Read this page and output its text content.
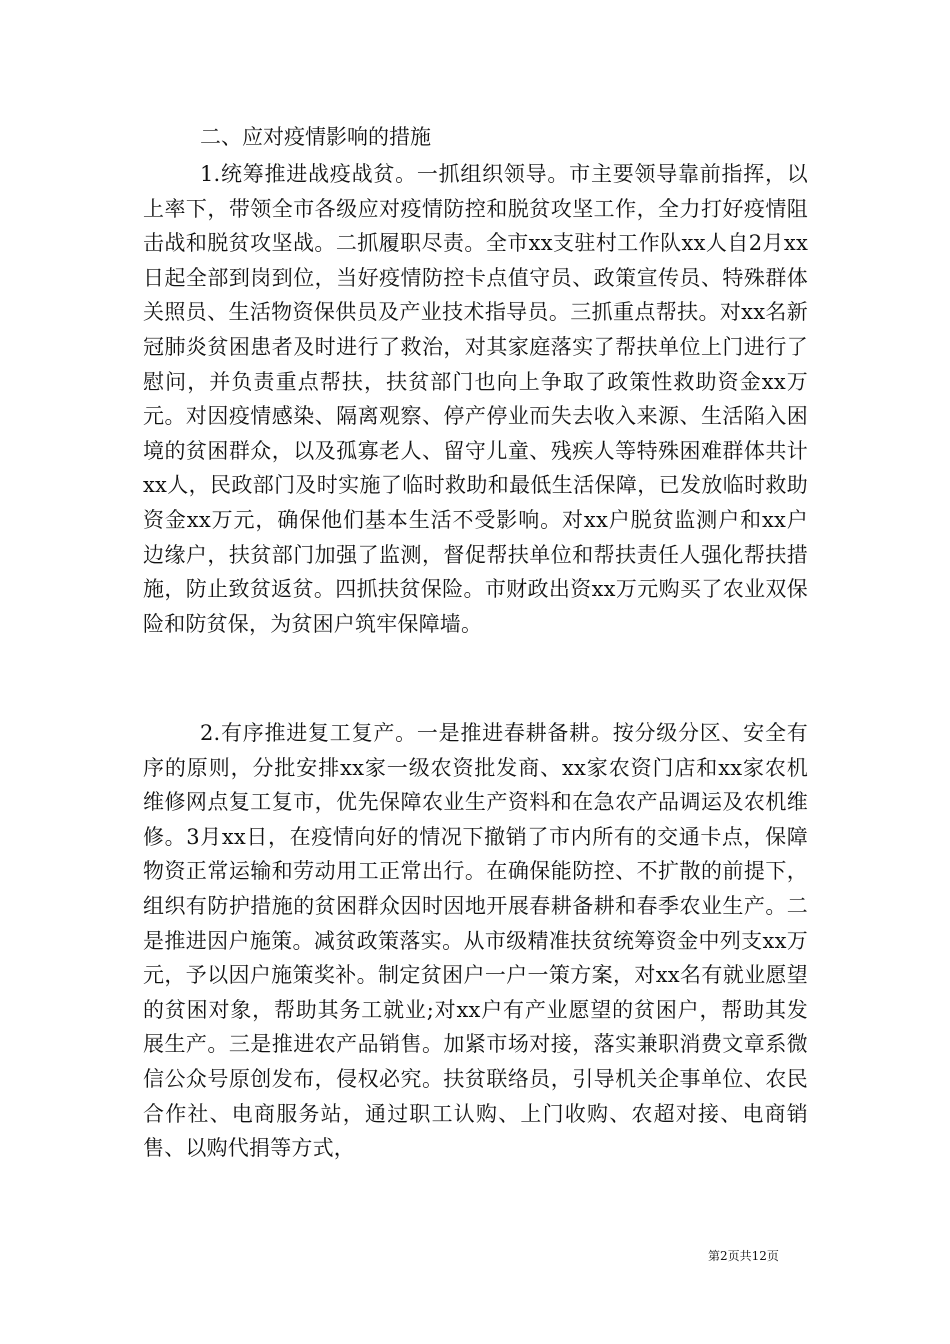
二、应对疫情影响的措施

1.统筹推进战疫战贫。一抓组织领导。市主要领导靠前指挥，以上率下，带领全市各级应对疫情防控和脱贫攻坚工作，全力打好疫情阻击战和脱贫攻坚战。二抓履职尽责。全市xx支驻村工作队xx人自2月xx日起全部到岗到位，当好疫情防控卡点值守员、政策宣传员、特殊群体关照员、生活物资保供员及产业技术指导员。三抓重点帮扶。对xx名新冠肺炎贫困患者及时进行了救治，对其家庭落实了帮扶单位上门进行了慰问，并负责重点帮扶，扶贫部门也向上争取了政策性救助资金xx万元。对因疫情感染、隔离观察、停产停业而失去收入来源、生活陷入困境的贫困群众，以及孤寡老人、留守儿童、残疾人等特殊困难群体共计xx人，民政部门及时实施了临时救助和最低生活保障，已发放临时救助资金xx万元，确保他们基本生活不受影响。对xx户脱贫监测户和xx户边缘户，扶贫部门加强了监测，督促帮扶单位和帮扶责任人强化帮扶措施，防止致贫返贫。四抓扶贫保险。市财政出资xx万元购买了农业双保险和防贫保，为贫困户筑牢保障墙。

2.有序推进复工复产。一是推进春耕备耕。按分级分区、安全有序的原则，分批安排xx家一级农资批发商、xx家农资门店和xx家农机维修网点复工复市，优先保障农业生产资料和在急农产品调运及农机维修。3月xx日，在疫情向好的情况下撤销了市内所有的交通卡点，保障物资正常运输和劳动用工正常出行。在确保能防控、不扩散的前提下，组织有防护措施的贫困群众因时因地开展春耕备耕和春季农业生产。二是推进因户施策。减贫政策落实。从市级精准扶贫统筹资金中列支xx万元，予以因户施策奖补。制定贫困户一户一策方案，对xx名有就业愿望的贫困对象，帮助其务工就业;对xx户有产业愿望的贫困户，帮助其发展生产。三是推进农产品销售。加紧市场对接，落实兼职消费文章系微信公众号原创发布，侵权必究。扶贫联络员，引导机关企事单位、农民合作社、电商服务站，通过职工认购、上门收购、农超对接、电商销售、以购代捐等方式，

第2页共12页
